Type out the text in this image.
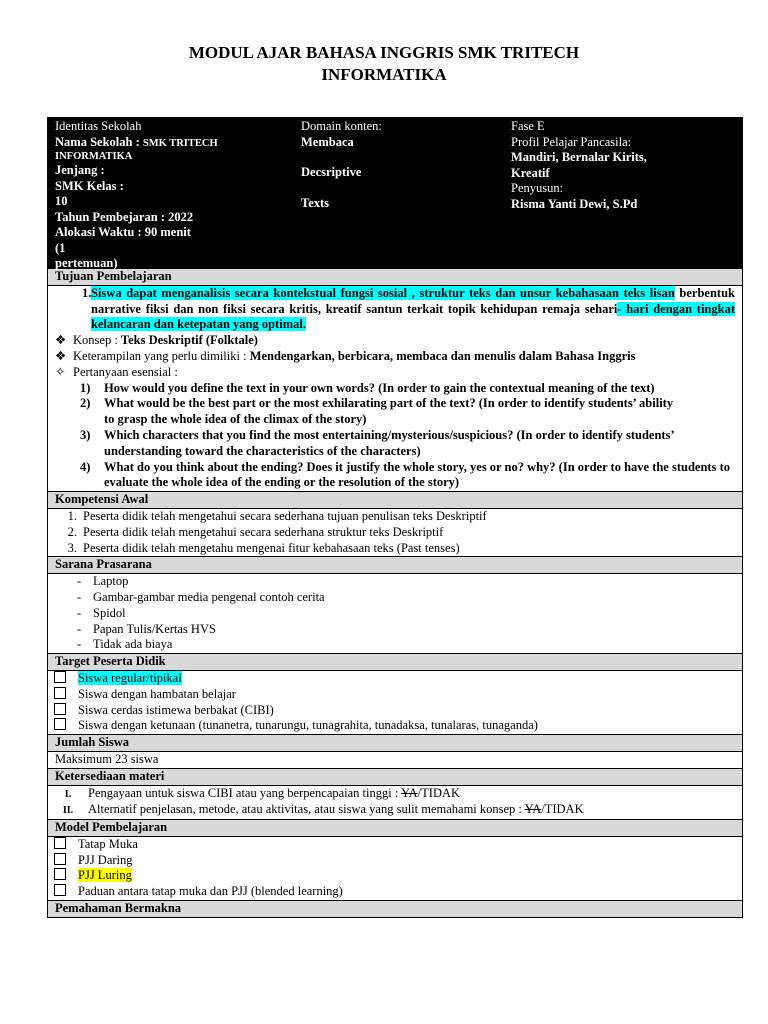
MODUL AJAR BAHASA INGGRIS SMK TRITECH
INFORMATIKA
Identitas Sekolah
Nama Sekolah : SMK TRITECH
INFORMATIKA
Jenjang :
SMK Kelas :
10
Tahun Pembejaran : 2022
Alokasi Waktu : 90 menit
(1
pertemuan)
Domain konten:
Membaca
Decsriptive
Texts
Fase E
Profil Pelajar Pancasila:
Mandiri, Bernalar Kirits,
Kreatif
Penyusun:
Risma Yanti Dewi, S.Pd
Tujuan Pembelajaran

1. Siswa dapat menganalisis secara kontekstual fungsi sosial , struktur teks dan unsur kebahasaan teks lisan berbentuk narrative fiksi dan non fiksi secara kritis, kreatif santun terkait topik kehidupan remaja sehari- hari dengan tingkat kelancaran dan ketepatan yang optimal.
❖ Konsep : Teks Deskriptif (Folktale)
❖ Keterampilan yang perlu dimiliki : Mendengarkan, berbicara, membaca dan menulis dalam Bahasa Inggris
✧ Pertanyaan esensial :
1) How would you define the text in your own words? (In order to gain the contextual meaning of the text)
2) What would be the best part or the most exhilarating part of the text? (In order to identify students’ ability
to grasp the whole idea of the climax of the story)
3) Which characters that you find the most entertaining/mysterious/suspicious? (In order to identify students’ understanding toward the characteristics of the characters)
4) What do you think about the ending? Does it justify the whole story, yes or no? why? (In order to have the students to evaluate the whole idea of the ending or the resolution of the story)

Kompetensi Awal

1. Peserta didik telah mengetahui secara sederhana tujuan penulisan teks Deskriptif
2. Peserta didik telah mengetahui secara sederhana struktur teks Deskriptif
3. Peserta didik telah mengetahu mengenai fitur kebahasaan teks (Past tenses)

Sarana Prasarana

- Laptop
- Gambar-gambar media pengenal contoh cerita
- Spidol
- Papan Tulis/Kertas HVS
- Tidak ada biaya

Target Peserta Didik

Siswa regular/tipikal
Siswa dengan hambatan belajar
Siswa cerdas istimewa berbakat (CIBI)
Siswa dengan ketunaan (tunanetra, tunarungu, tunagrahita, tunadaksa, tunalaras, tunaganda)

Jumlah Siswa
Maksimum 23 siswa
Ketersediaan materi

I. Pengayaan untuk siswa CIBI atau yang berpencapaian tinggi : YA/TIDAK
II. Alternatif penjelasan, metode, atau aktivitas, atau siswa yang sulit memahami konsep : YA/TIDAK

Model Pembelajaran

Tatap Muka
PJJ Daring
PJJ Luring
Paduan antara tatap muka dan PJJ (blended learning)

Pemahaman Bermakna
